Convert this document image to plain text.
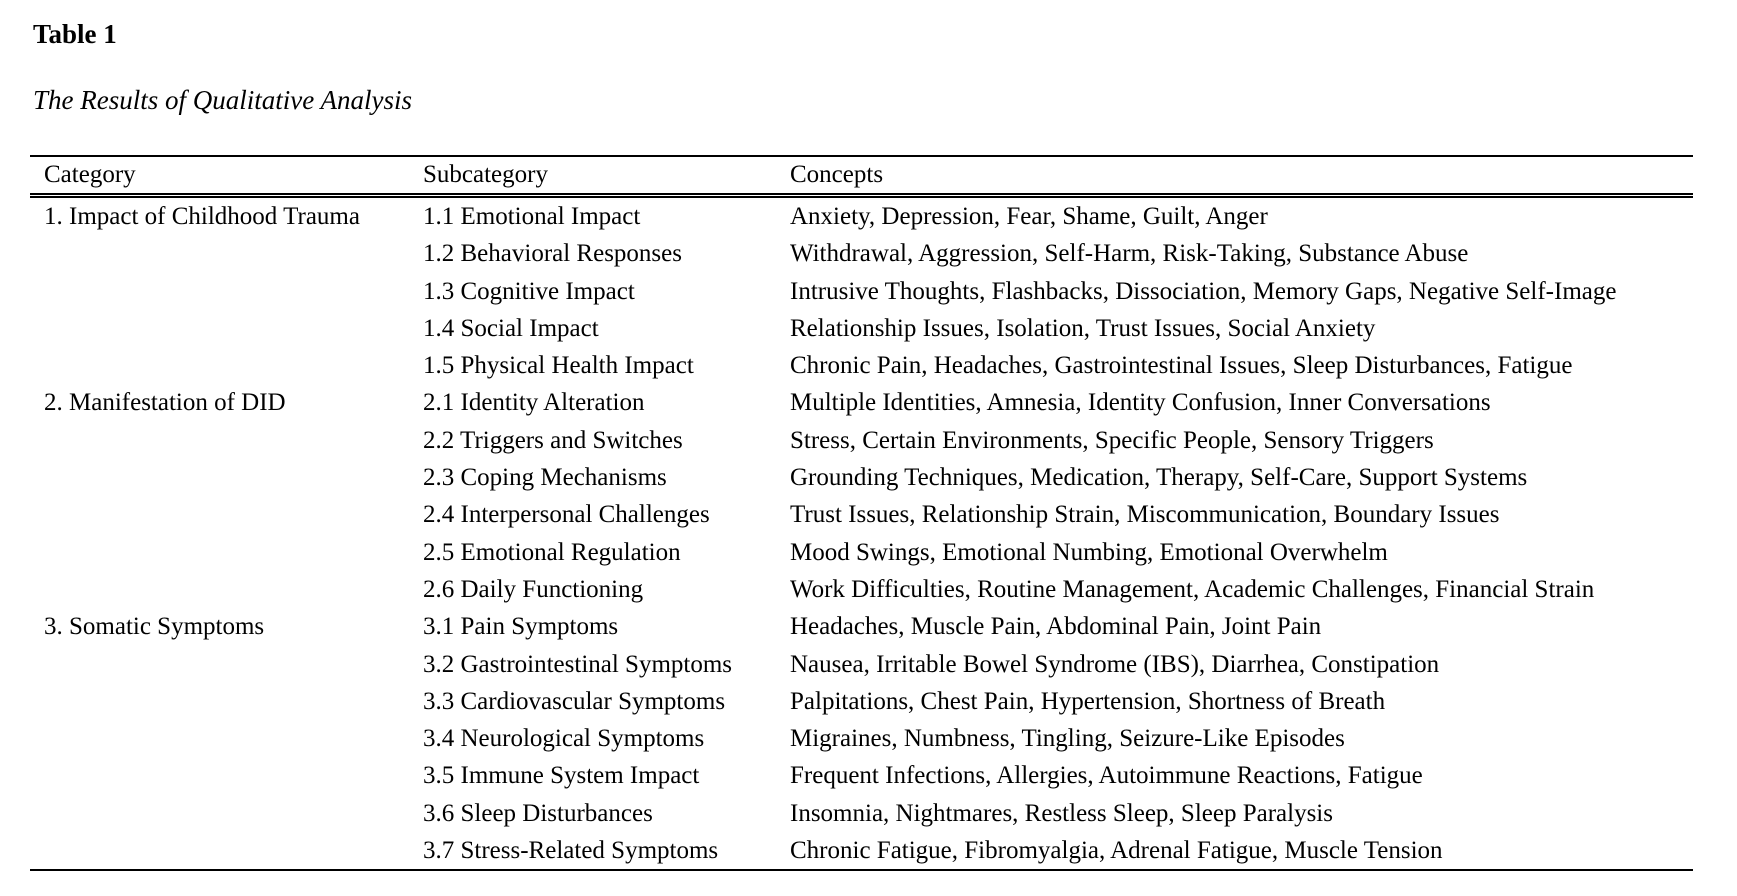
Table 1
The Results of Qualitative Analysis
Category	Subcategory	Concepts
1. Impact of Childhood Trauma	1.1 Emotional Impact	Anxiety, Depression, Fear, Shame, Guilt, Anger
	1.2 Behavioral Responses	Withdrawal, Aggression, Self-Harm, Risk-Taking, Substance Abuse
	1.3 Cognitive Impact	Intrusive Thoughts, Flashbacks, Dissociation, Memory Gaps, Negative Self-Image
	1.4 Social Impact	Relationship Issues, Isolation, Trust Issues, Social Anxiety
	1.5 Physical Health Impact	Chronic Pain, Headaches, Gastrointestinal Issues, Sleep Disturbances, Fatigue
2. Manifestation of DID	2.1 Identity Alteration	Multiple Identities, Amnesia, Identity Confusion, Inner Conversations
	2.2 Triggers and Switches	Stress, Certain Environments, Specific People, Sensory Triggers
	2.3 Coping Mechanisms	Grounding Techniques, Medication, Therapy, Self-Care, Support Systems
	2.4 Interpersonal Challenges	Trust Issues, Relationship Strain, Miscommunication, Boundary Issues
	2.5 Emotional Regulation	Mood Swings, Emotional Numbing, Emotional Overwhelm
	2.6 Daily Functioning	Work Difficulties, Routine Management, Academic Challenges, Financial Strain
3. Somatic Symptoms	3.1 Pain Symptoms	Headaches, Muscle Pain, Abdominal Pain, Joint Pain
	3.2 Gastrointestinal Symptoms	Nausea, Irritable Bowel Syndrome (IBS), Diarrhea, Constipation
	3.3 Cardiovascular Symptoms	Palpitations, Chest Pain, Hypertension, Shortness of Breath
	3.4 Neurological Symptoms	Migraines, Numbness, Tingling, Seizure-Like Episodes
	3.5 Immune System Impact	Frequent Infections, Allergies, Autoimmune Reactions, Fatigue
	3.6 Sleep Disturbances	Insomnia, Nightmares, Restless Sleep, Sleep Paralysis
	3.7 Stress-Related Symptoms	Chronic Fatigue, Fibromyalgia, Adrenal Fatigue, Muscle Tension
